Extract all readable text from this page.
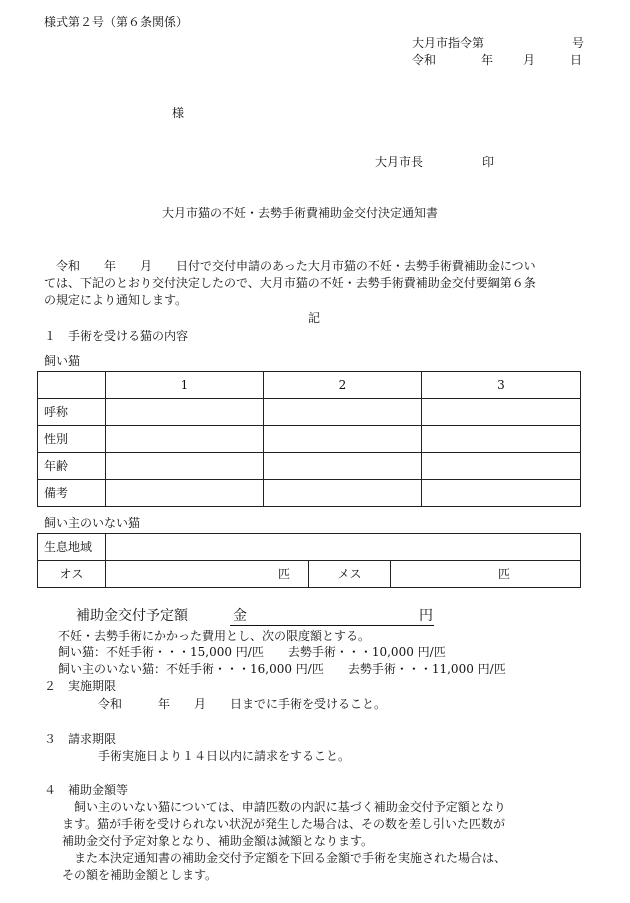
様式第２号（第６条関係）
大月市指令第	号
令和	年 月	日
様
大月市長	印
大月市猫の不妊・去勢手術費補助金交付決定通知書
令和　　年　　月　　日付で交付申請のあった大月市猫の不妊・去勢手術費補助金につい
ては、下記のとおり交付決定したので、大月市猫の不妊・去勢手術費補助金交付要綱第６条
の規定により通知します。
記
１　手術を受ける猫の内容
飼い猫
	1	2	3
呼称			
性別			
年齢			
備考			
飼い主のいない猫
生息地域			
オス	匹	メス	匹
補助金交付予定額	金	円
不妊・去勢手術にかかった費用とし、次の限度額とする。
飼い猫：不妊手術・・・15,000 円/匹　　去勢手術・・・10,000 円/匹
飼い主のいない猫：不妊手術・・・16,000 円/匹　　去勢手術・・・11,000 円/匹
２　実施期限
令和　　　年　　月　　日までに手術を受けること。
３　請求期限
手術実施日より１４日以内に請求をすること。
４　補助金額等
飼い主のいない猫については、申請匹数の内訳に基づく補助金交付予定額となり
ます。猫が手術を受けられない状況が発生した場合は、その数を差し引いた匹数が
補助金交付予定対象となり、補助金額は減額となります。
また本決定通知書の補助金交付予定額を下回る金額で手術を実施された場合は、
その額を補助金額とします。
